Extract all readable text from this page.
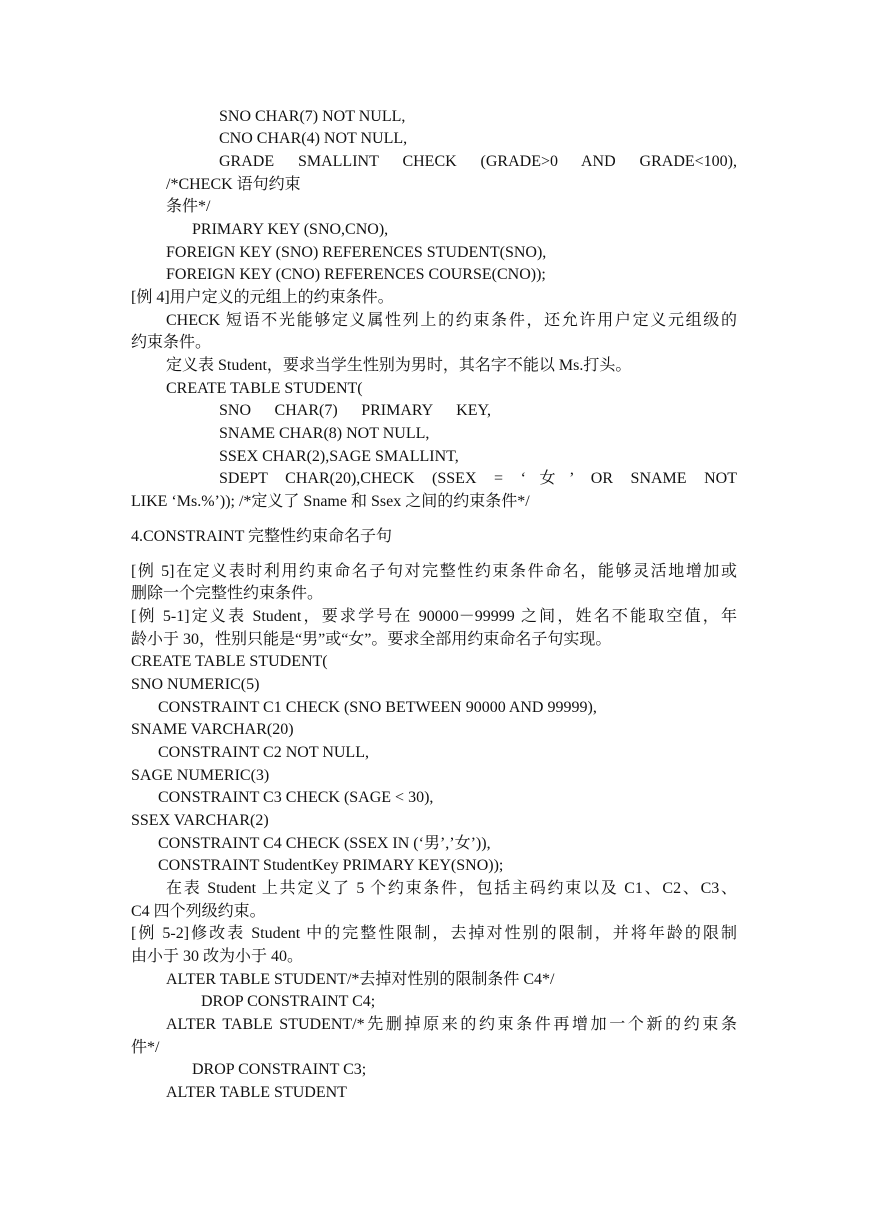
SNO CHAR(7) NOT NULL,
CNO CHAR(4) NOT NULL,
GRADE SMALLINT CHECK (GRADE>0 AND GRADE<100),
/*CHECK 语句约束
条件*/
PRIMARY KEY (SNO,CNO),
FOREIGN KEY (SNO) REFERENCES STUDENT(SNO),
FOREIGN KEY (CNO) REFERENCES COURSE(CNO));
[例 4]用户定义的元组上的约束条件。
CHECK 短语不光能够定义属性列上的约束条件，还允许用户定义元组级的
约束条件。
定义表 Student，要求当学生性别为男时，其名字不能以 Ms.打头。
CREATE TABLE STUDENT(
SNO CHAR(7) PRIMARY KEY,
SNAME CHAR(8) NOT NULL,
SSEX CHAR(2),SAGE SMALLINT,
SDEPT CHAR(20),CHECK (SSEX = ‘女’ OR SNAME NOT
LIKE ‘Ms.%’)); /*定义了 Sname 和 Ssex 之间的约束条件*/
4.CONSTRAINT 完整性约束命名子句
[例 5]在定义表时利用约束命名子句对完整性约束条件命名，能够灵活地增加或
删除一个完整性约束条件。
[例 5-1]定义表 Student，要求学号在 90000－99999 之间，姓名不能取空值，年
龄小于 30，性别只能是“男”或“女”。要求全部用约束命名子句实现。
CREATE TABLE STUDENT(
SNO NUMERIC(5)
CONSTRAINT C1 CHECK (SNO BETWEEN 90000 AND 99999),
SNAME VARCHAR(20)
CONSTRAINT C2 NOT NULL,
SAGE NUMERIC(3)
CONSTRAINT C3 CHECK (SAGE < 30),
SSEX VARCHAR(2)
CONSTRAINT C4 CHECK (SSEX IN (‘男’,’女’)),
CONSTRAINT StudentKey PRIMARY KEY(SNO));
在表 Student 上共定义了 5 个约束条件，包括主码约束以及 C1、C2、C3、
C4 四个列级约束。
[例 5-2]修改表 Student 中的完整性限制，去掉对性别的限制，并将年龄的限制
由小于 30 改为小于 40。
ALTER TABLE STUDENT/*去掉对性别的限制条件 C4*/
DROP CONSTRAINT C4;
ALTER TABLE STUDENT/*先删掉原来的约束条件再增加一个新的约束条
件*/
DROP CONSTRAINT C3;
ALTER TABLE STUDENT
